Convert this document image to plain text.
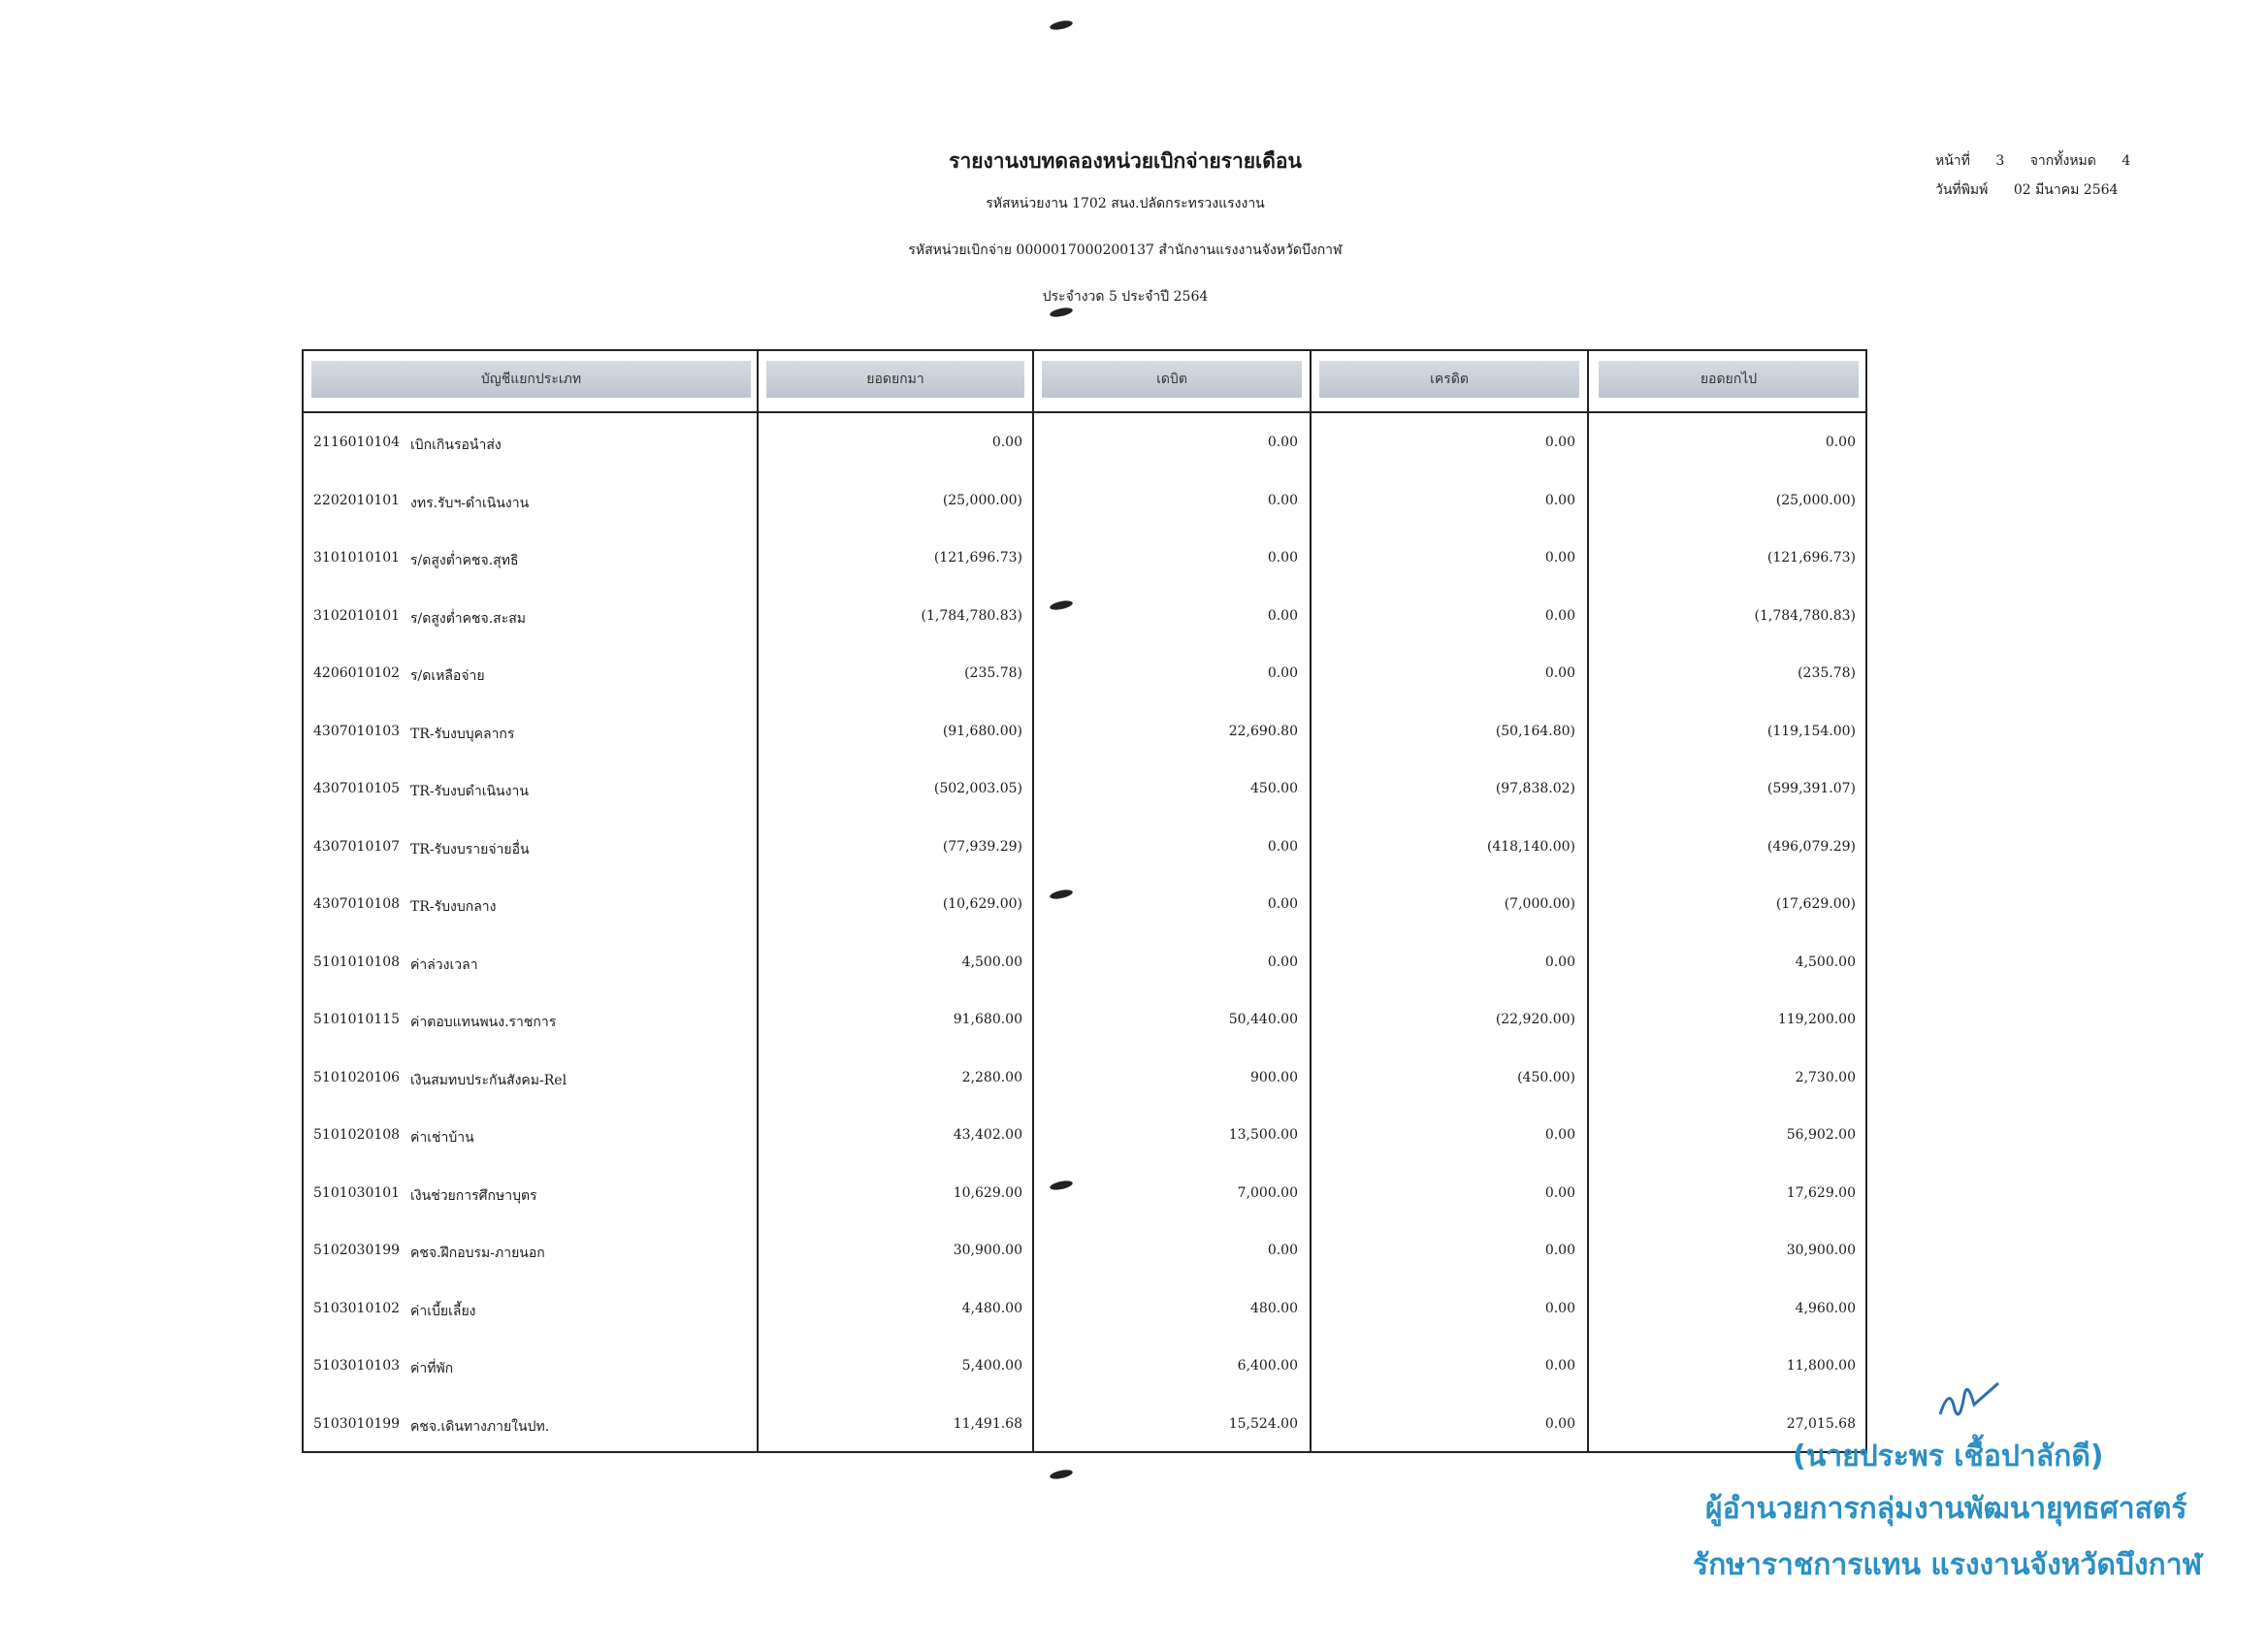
รายงานงบทดลองหน่วยเบิกจ่ายรายเดือน
รหัสหน่วยงาน 1702 สนง.ปลัดกระทรวงแรงงาน
รหัสหน่วยเบิกจ่าย 0000017000200137 สำนักงานแรงงานจังหวัดบึงกาฬ
ประจำงวด 5 ประจำปี 2564
หน้าที่ 3 จากทั้งหมด 4
วันที่พิมพ์ 02 มีนาคม 2564
บัญชีแยกประเภท	ยอดยกมา	เดบิต	เครดิต	ยอดยกไป
2116010104 เบิกเกินรอนำส่ง	0.00	0.00	0.00	0.00
2202010101 งทร.รับฯ-ดำเนินงาน	(25,000.00)	0.00	0.00	(25,000.00)
3101010101 ร/ดสูงต่ำคชจ.สุทธิ	(121,696.73)	0.00	0.00	(121,696.73)
3102010101 ร/ดสูงต่ำคชจ.สะสม	(1,784,780.83)	0.00	0.00	(1,784,780.83)
4206010102 ร/ดเหลือจ่าย	(235.78)	0.00	0.00	(235.78)
4307010103 TR-รับงบบุคลากร	(91,680.00)	22,690.80	(50,164.80)	(119,154.00)
4307010105 TR-รับงบดำเนินงาน	(502,003.05)	450.00	(97,838.02)	(599,391.07)
4307010107 TR-รับงบรายจ่ายอื่น	(77,939.29)	0.00	(418,140.00)	(496,079.29)
4307010108 TR-รับงบกลาง	(10,629.00)	0.00	(7,000.00)	(17,629.00)
5101010108 ค่าล่วงเวลา	4,500.00	0.00	0.00	4,500.00
5101010115 ค่าตอบแทนพนง.ราชการ	91,680.00	50,440.00	(22,920.00)	119,200.00
5101020106 เงินสมทบประกันสังคม-Rel	2,280.00	900.00	(450.00)	2,730.00
5101020108 ค่าเช่าบ้าน	43,402.00	13,500.00	0.00	56,902.00
5101030101 เงินช่วยการศึกษาบุตร	10,629.00	7,000.00	0.00	17,629.00
5102030199 คชจ.ฝึกอบรม-ภายนอก	30,900.00	0.00	0.00	30,900.00
5103010102 ค่าเบี้ยเลี้ยง	4,480.00	480.00	0.00	4,960.00
5103010103 ค่าที่พัก	5,400.00	6,400.00	0.00	11,800.00
5103010199 คชจ.เดินทางภายในปท.	11,491.68	15,524.00	0.00	27,015.68
(นายประพร เชื้อปาลักดี)
ผู้อำนวยการกลุ่มงานพัฒนายุทธศาสตร์
รักษาราชการแทน แรงงานจังหวัดบึงกาฬ
